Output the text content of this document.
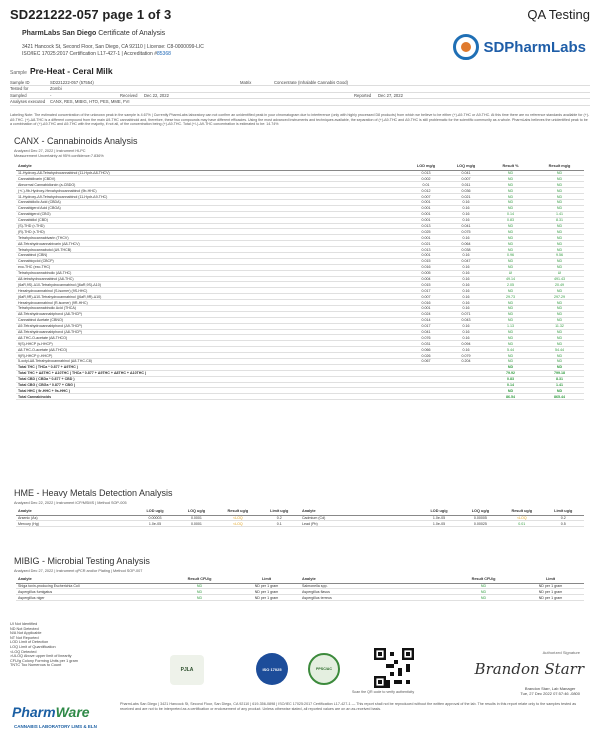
SD221222-057 page 1 of 3	QA Testing
PharmLabs San Diego Certificate of Analysis
3421 Hancock St, Second Floor, San Diego, CA 92110 | License: C8-0000099-LIC
ISO/IEC 17025:2017 Certification L17-427-1 | Accreditation #85368	SDPharmLabs
Sample Pre-Heat - Ceral Milk
Sample ID	SD221222-057 (57554)	Matrix	Concentrate (Inhalable Cannabis Good)
Tested for	Zombi
Sampled	-	Received	Dec 22, 2022	Reported	Dec 27, 2022
Analyses executed	CANX, RES, MIBIG, HTO, PES, MME, FVI
Labeling Note: The estimated concentration of the unknown peak in the sample is 4.67% | Currently PharmLabs laboratory can not confirm an unidentified peak in your chromatogram due to interference (only with highly processed D8 products) from which we believe to be either (+)-Δ9-THC or Δ9-THC. At this time there are no reference standards available for (+)-Δ9-THC. (+)-Δ8-THC is a different compound from the main Δ9-THC cannabinoid and, therefore, these two compounds may have different efficacies. Using the most advanced instruments and techniques available, the separation of (+)-Δ9-THC and Δ9-THC is still problematic for the scientific community as a whole. PharmLabs believes the unidentified peak to be a combination of (+)-Δ9-THC and Δ9-THC with the majority, if not all, of the concentration being (+)-Δ9-THC. Total (+/-)-Δ9-THC concentration is estimated to be: 14.74%
CANX - Cannabinoids Analysis
Analyzed Dec 27, 2022 | Instrument HLPC
Measurement Uncertainty at 95% confidence:7.836%
Analyte	LOD mg/g	LOQ mg/g	Result %	Result mg/g
11-Hydroxy-Δ8-Tetrahydrocannabinol (11-Hydr-Δ8-THCV)	0.013	0.041	ND	ND
Cannabidivarin (CBDV)	0.002	0.007	ND	ND
Abnormal Cannabidiorcin (a-CBDO)	0.01	0.011	ND	ND
(+/-)-9b-Hydroxy-Hexahydrocannabinol (9b-HHC)	0.012	0.036	ND	ND
11-Hydroxy-Δ9-Tetrahydrocannabinol (11-Hydr-Δ9-THC)	0.007	0.021	ND	ND
Cannabidiolic Acid (CBDA)	0.001	0.16	ND	ND
Cannabigerol Acid (CBGA)	0.001	0.16	ND	ND
Cannabigerol (CBG)	0.001	0.16	0.14	1.41
Cannabidiol (CBD)	0.001	0.16	0.83	8.31
(S)-THD (r-THD)	0.013	0.041	ND	ND
(R)-THD (r-THD)	0.025	0.075	ND	ND
Tetrahydrocannabivarin (THCV)	0.001	0.16	ND	ND
Δ8-Tetrahydrocannabivarin (Δ8-THCV)	0.021	0.064	ND	ND
Tetrahydrocannabutol (Δ9-THCB)	0.013	0.038	ND	ND
Cannabinol (CBN)	0.001	0.16	0.96	9.56
Cannabicyclol (CBCP)	0.015	0.047	ND	ND
exo-THC (exo-THC)	0.016	0.16	ND	ND
Tetrahydrocannabinolic (Δ8-THC)	0.005	0.16	UI	UI
Δ8-tetrahydrocannabinol (Δ8-THC)	0.004	0.16	49.14	491.43
(6aR,9S)-Δ10-Tetrahydrocannabinol ((6aR,9S)-Δ10)	0.015	0.16	2.05	20.49
Hexahydrocannabinol (S-isomer) (9S-HHC)	0.017	0.16	ND	ND
(6aR,9R)-Δ10-Tetrahydrocannabinol ((6aR,9R)-Δ10)	0.007	0.16	29.73	297.29
Hexahydrocannabinol (R-isomer) (9R-HHC)	0.016	0.16	ND	ND
Tetrahydrocannabinolic Acid (THCA)	0.001	0.16	ND	ND
Δ8-Tetrahydrocannabiphorol (Δ8-THCP)	0.024	0.071	ND	ND
Cannabinol Acetate (CBNO)	0.014	0.043	ND	ND
Δ9-Tetrahydrocannabiphorol (Δ9-THCP)	0.017	0.16	1.13	11.32
Δ8-Tetrahydrocannabiphorol (Δ8-THCP)	0.041	0.16	ND	ND
Δ8-THC-O-acetate (Δ8-THCO)	0.076	0.16	ND	ND
9(S)-HHCP (s-HHCP)	0.031	0.094	ND	ND
Δ8-THC-O-acetate (Δ8-THCO)	0.066	0.16	5.44	54.44
9(R)-HHCP (r-HHCP)	0.026	0.079	ND	ND
5-octyl-Δ8-Tetrahydrocannabinol (Δ8-THC-C8)	0.067	0.204	ND	ND
Total THC ( THCa * 0.877 + Δ9THC )			ND	ND
Total THC + Δ8THC + Δ10THC ( THCa * 0.877 + Δ9THC + Δ8THC + Δ10THC )			79.92	799.18
Total CBD ( CBDa * 0.877 + CBD )			0.83	8.31
Total CBG ( CBGa * 0.877 + CBG )			0.14	1.41
Total HHC ( 9r-HHC + 9s-HHC )			ND	ND
Total Cannabinoids			86.54	865.44
HME - Heavy Metals Detection Analysis
Analyzed Dec 22, 2022 | Instrument ICP/MSMS | Method SOP-005
Analyte	LOD ug/g	LOQ ug/g	Result ug/g	Limit ug/g	Analyte	LOD ug/g	LOQ ug/g	Result ug/g	Limit ug/g
Arsenic (As)	0.00003	0.0001	<LOQ	0.2	Cadmium (Cd)	1.0e-05	0.00005	<LOQ	0.2
Mercury (Hg)	1.0e-05	0.0001	<LOQ	0.1	Lead (Pb)	1.0e-05	0.00025	0.01	0.5
MIBIG - Microbial Testing Analysis
Analyzed Dec 27, 2022 | Instrument qPCR and/or Plating | Method SOP-007
Analyte	Result CFU/g	Limit	Analyte	Result CFU/g	Limit
Shiga toxin-producing Escherichia Coli	ND	ND per 1 gram	Salmonella spp.	ND	ND per 1 gram
Aspergillus fumigatus	ND	ND per 1 gram	Aspergillus flavus	ND	ND per 1 gram
Aspergillus niger	ND	ND per 1 gram	Aspergillus terreus	ND	ND per 1 gram
UI Not Identified
ND Not Detected
N/A Not Applicable
NT Not Reported
LOD Limit of Detection
LOQ Limit of Quantification
<LOQ Detected
>ULOQ Above upper limit of linearity
CFU/g Colony Forming Units per 1 gram
TNTC Too Numerous to Count
PJLA	ISO 17025	PPSC/AC
Scan the QR code to verify authenticity
Authorized Signature
Brandon Starr
Brandon Starr, Lab Manager
Tue, 27 Dec 2022 07:57:46 -0800
PharmWare
CANNABIS LABORATORY LIMS & ELN
PharmLabs San Diego | 3421 Hancock St, Second Floor, San Diego, CA 92110 | 619-356-0898 | ISO/IEC 17025:2017 Certification L17-427-1 — This report shall not be reproduced without the written approval of the lab. The results in this report relate only to the samples tested as received and are not to be interpreted as a certification or endorsement of any product. Unless otherwise stated, all reported values are on an as-received basis.
